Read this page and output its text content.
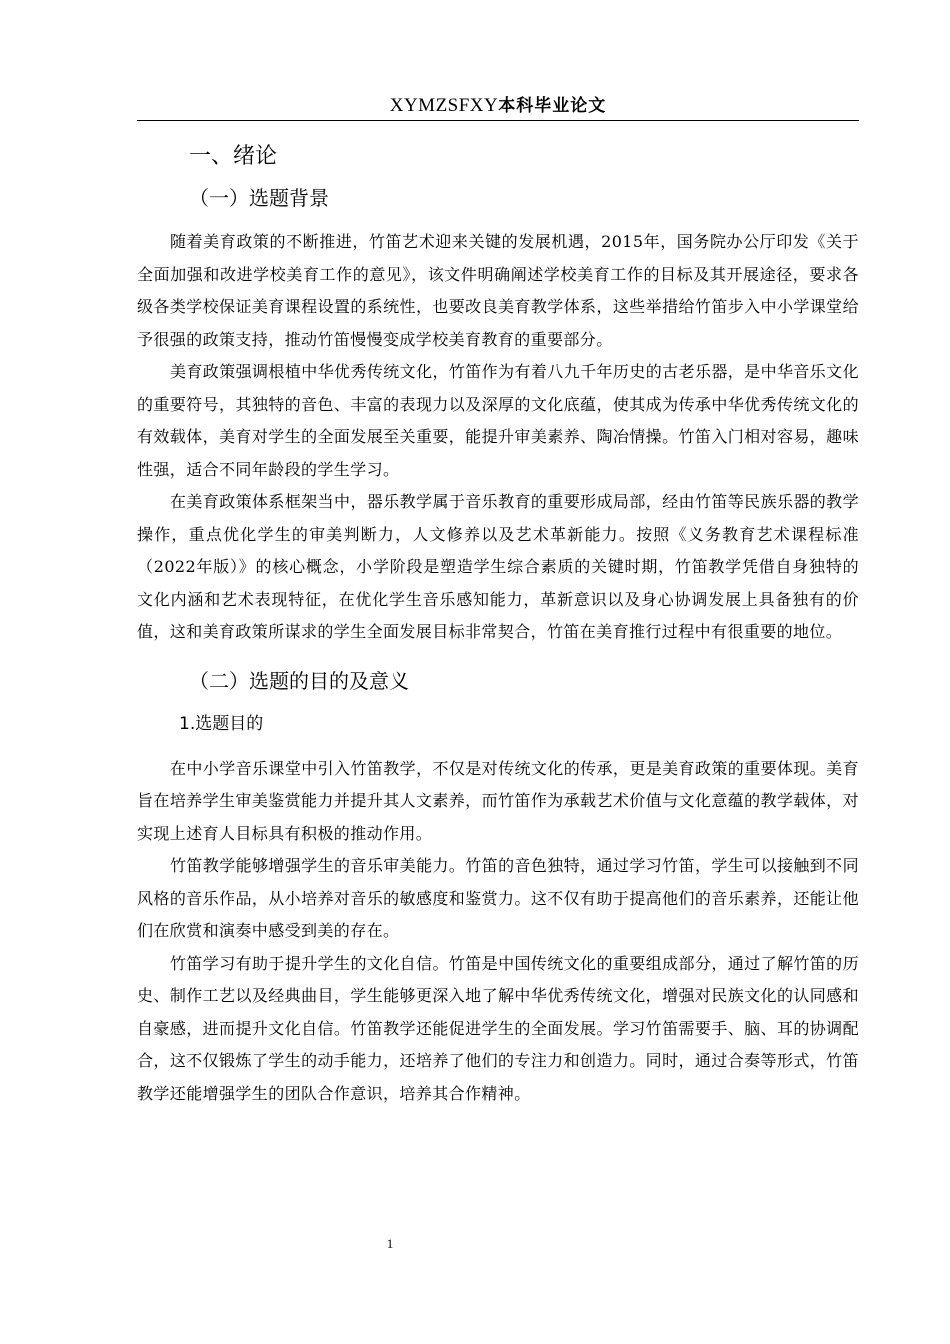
XYMZSFXY本科毕业论文
一、绪论
（一）选题背景

随着美育政策的不断推进，竹笛艺术迎来关键的发展机遇，2015年，国务院办公厅印发《关于全面加强和改进学校美育工作的意见》，该文件明确阐述学校美育工作的目标及其开展途径，要求各级各类学校保证美育课程设置的系统性，也要改良美育教学体系，这些举措给竹笛步入中小学课堂给予很强的政策支持，推动竹笛慢慢变成学校美育教育的重要部分。

美育政策强调根植中华优秀传统文化，竹笛作为有着八九千年历史的古老乐器，是中华音乐文化的重要符号，其独特的音色、丰富的表现力以及深厚的文化底蕴，使其成为传承中华优秀传统文化的有效载体，美育对学生的全面发展至关重要，能提升审美素养、陶冶情操。竹笛入门相对容易，趣味性强，适合不同年龄段的学生学习。

在美育政策体系框架当中，器乐教学属于音乐教育的重要形成局部，经由竹笛等民族乐器的教学操作，重点优化学生的审美判断力，人文修养以及艺术革新能力。按照《义务教育艺术课程标准（2022年版）》的核心概念，小学阶段是塑造学生综合素质的关键时期，竹笛教学凭借自身独特的文化内涵和艺术表现特征，在优化学生音乐感知能力，革新意识以及身心协调发展上具备独有的价值，这和美育政策所谋求的学生全面发展目标非常契合，竹笛在美育推行过程中有很重要的地位。

（二）选题的目的及意义
1.选题目的

在中小学音乐课堂中引入竹笛教学，不仅是对传统文化的传承，更是美育政策的重要体现。美育旨在培养学生审美鉴赏能力并提升其人文素养，而竹笛作为承载艺术价值与文化意蕴的教学载体，对实现上述育人目标具有积极的推动作用。

竹笛教学能够增强学生的音乐审美能力。竹笛的音色独特，通过学习竹笛，学生可以接触到不同风格的音乐作品，从小培养对音乐的敏感度和鉴赏力。这不仅有助于提高他们的音乐素养，还能让他们在欣赏和演奏中感受到美的存在。

竹笛学习有助于提升学生的文化自信。竹笛是中国传统文化的重要组成部分，通过了解竹笛的历史、制作工艺以及经典曲目，学生能够更深入地了解中华优秀传统文化，增强对民族文化的认同感和自豪感，进而提升文化自信。竹笛教学还能促进学生的全面发展。学习竹笛需要手、脑、耳的协调配合，这不仅锻炼了学生的动手能力，还培养了他们的专注力和创造力。同时，通过合奏等形式，竹笛教学还能增强学生的团队合作意识，培养其合作精神。

1
